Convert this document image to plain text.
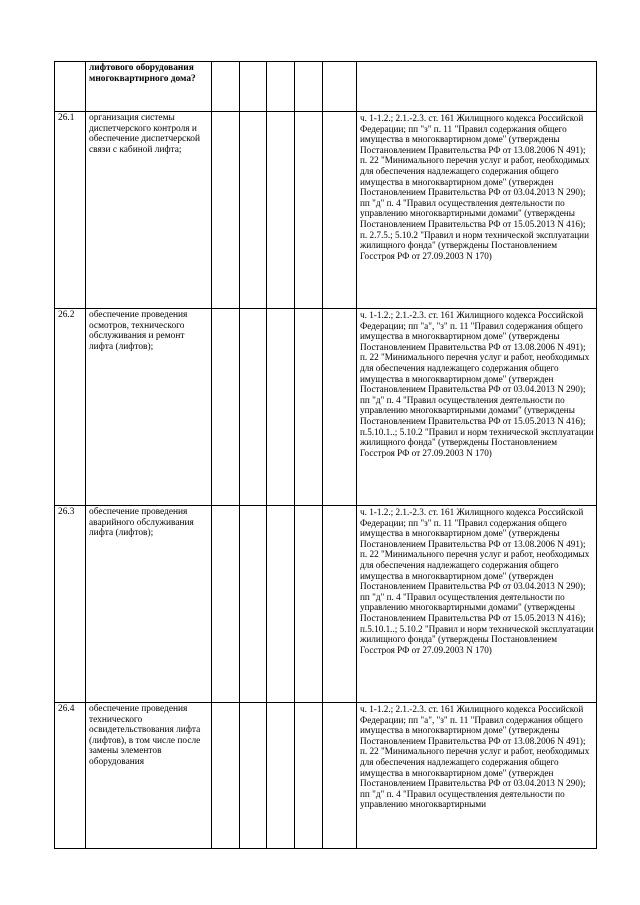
	лифтового оборудования многоквартирного дома?						
26.1	организация системы диспетчерского контроля и обеспечение диспетчерской связи с кабиной лифта;						ч. 1-1.2.; 2.1.-2.3. ст. 161 Жилищного кодекса Российской Федерации; пп "з" п. 11 "Правил содержания общего имущества в многоквартирном доме" (утверждены Постановлением Правительства РФ от 13.08.2006 N 491); п. 22 "Минимального перечня услуг и работ, необходимых для обеспечения надлежащего содержания общего имущества в многоквартирном доме" (утвержден Постановлением Правительства РФ от 03.04.2013 N 290); пп "д" п. 4 "Правил осуществления деятельности по управлению многоквартирными домами" (утверждены Постановлением Правительства РФ от 15.05.2013 N 416); п. 2.7.5.; 5.10.2 "Правил и норм технической эксплуатации жилищного фонда" (утверждены Постановлением Госстроя РФ от 27.09.2003 N 170)
26.2	обеспечение проведения осмотров, технического обслуживания и ремонт лифта (лифтов);						ч. 1-1.2.; 2.1.-2.3. ст. 161 Жилищного кодекса Российской Федерации; пп "а", "з" п. 11 "Правил содержания общего имущества в многоквартирном доме" (утверждены Постановлением Правительства РФ от 13.08.2006 N 491); п. 22 "Минимального перечня услуг и работ, необходимых для обеспечения надлежащего содержания общего имущества в многоквартирном доме" (утвержден Постановлением Правительства РФ от 03.04.2013 N 290); пп "д" п. 4 "Правил осуществления деятельности по управлению многоквартирными домами" (утверждены Постановлением Правительства РФ от 15.05.2013 N 416); п.5.10.1..; 5.10.2 "Правил и норм технической эксплуатации жилищного фонда" (утверждены Постановлением Госстроя РФ от 27.09.2003 N 170)
26.3	обеспечение проведения аварийного обслуживания лифта (лифтов);						ч. 1-1.2.; 2.1.-2.3. ст. 161 Жилищного кодекса Российской Федерации; пп "з" п. 11 "Правил содержания общего имущества в многоквартирном доме" (утверждены Постановлением Правительства РФ от 13.08.2006 N 491); п. 22 "Минимального перечня услуг и работ, необходимых для обеспечения надлежащего содержания общего имущества в многоквартирном доме" (утвержден Постановлением Правительства РФ от 03.04.2013 N 290); пп "д" п. 4 "Правил осуществления деятельности по управлению многоквартирными домами" (утверждены Постановлением Правительства РФ от 15.05.2013 N 416); п.5.10.1..; 5.10.2 "Правил и норм технической эксплуатации жилищного фонда" (утверждены Постановлением Госстроя РФ от 27.09.2003 N 170)
26.4	обеспечение проведения технического освидетельствования лифта (лифтов), в том числе после замены элементов оборудования						ч. 1-1.2.; 2.1.-2.3. ст. 161 Жилищного кодекса Российской Федерации; пп "а", "з" п. 11 "Правил содержания общего имущества в многоквартирном доме" (утверждены Постановлением Правительства РФ от 13.08.2006 N 491); п. 22 "Минимального перечня услуг и работ, необходимых для обеспечения надлежащего содержания общего имущества в многоквартирном доме" (утвержден Постановлением Правительства РФ от 03.04.2013 N 290); пп "д" п. 4 "Правил осуществления деятельности по управлению многоквартирными
